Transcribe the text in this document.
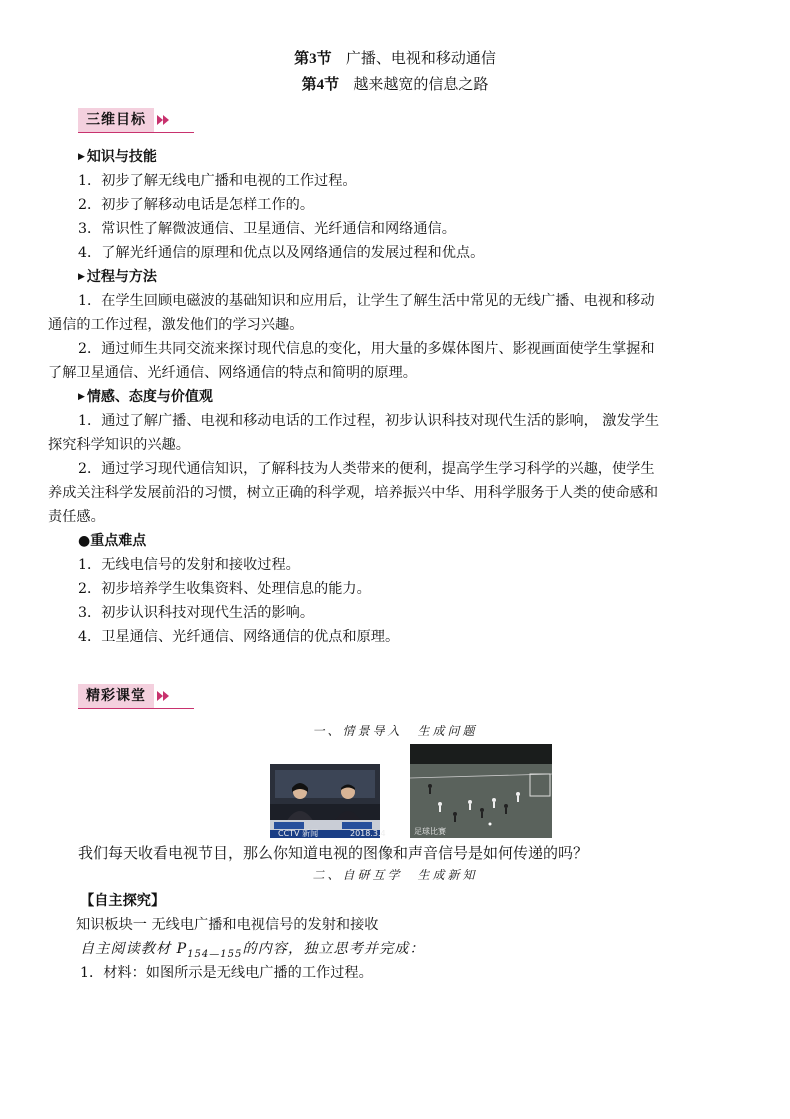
第3节 广播、电视和移动通信
第4节 越来越宽的信息之路
三维目标
▶ 知识与技能
1．初步了解无线电广播和电视的工作过程。
2．初步了解移动电话是怎样工作的。
3．常识性了解微波通信、卫星通信、光纤通信和网络通信。
4．了解光纤通信的原理和优点以及网络通信的发展过程和优点。
▶ 过程与方法
1．在学生回顾电磁波的基础知识和应用后，让学生了解生活中常见的无线广播、电视和移动
通信的工作过程，激发他们的学习兴趣。
2．通过师生共同交流来探讨现代信息的变化，用大量的多媒体图片、影视画面使学生掌握和
了解卫星通信、光纤通信、网络通信的特点和简明的原理。
▶ 情感、态度与价值观
1．通过了解广播、电视和移动电话的工作过程，初步认识科技对现代生活的影响， 激发学生
探究科学知识的兴趣。
2．通过学习现代通信知识，了解科技为人类带来的便利，提高学生学习科学的兴趣，使学生
养成关注科学发展前沿的习惯，树立正确的科学观，培养振兴中华、用科学服务于人类的使命感和
责任感。
●重点难点
1．无线电信号的发射和接收过程。
2．初步培养学生收集资料、处理信息的能力。
3．初步认识科技对现代生活的影响。
4．卫星通信、光纤通信、网络通信的优点和原理。
精彩课堂
一、情景导入　生成问题
CCTV 新闻	2018.3.4	足球比赛
我们每天收看电视节目，那么你知道电视的图像和声音信号是如何传递的吗？
二、自研互学　生成新知
【自主探究】
知识板块一 无线电广播和电视信号的发射和接收
自主阅读教材 $P_{154—155}$的内容，独立思考并完成：
1．材料：如图所示是无线电广播的工作过程。
